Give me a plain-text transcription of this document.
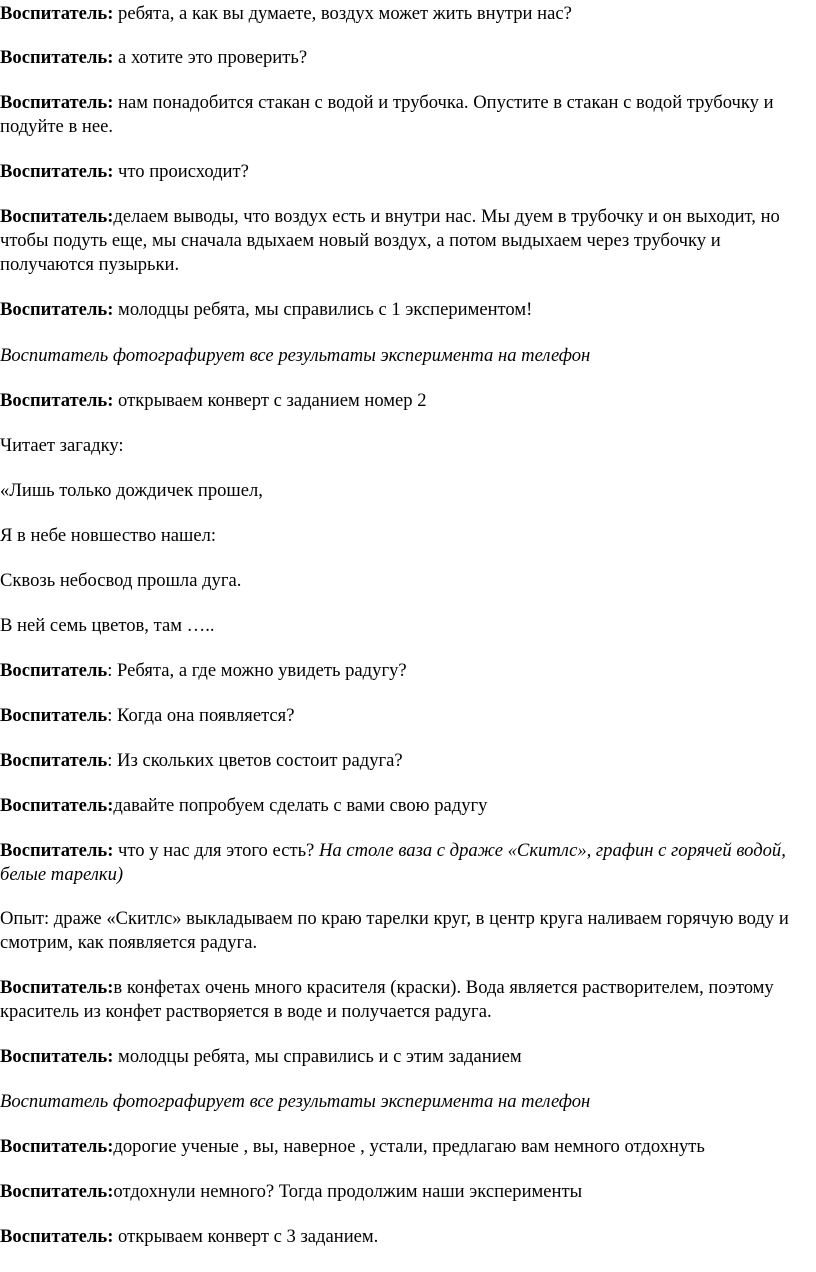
Воспитатель: ребята, а как вы думаете, воздух может жить внутри нас?

Воспитатель: а хотите это проверить?

Воспитатель: нам понадобится стакан с водой и трубочка. Опустите в стакан с водой трубочку и подуйте в нее.

Воспитатель: что происходит?

Воспитатель:делаем выводы, что воздух есть и внутри нас. Мы дуем в трубочку и он выходит, но чтобы подуть еще, мы сначала вдыхаем новый воздух, а потом выдыхаем через трубочку и получаются пузырьки.

Воспитатель: молодцы ребята, мы справились с 1 экспериментом!

Воспитатель фотографирует все результаты эксперимента на телефон

Воспитатель: открываем конверт с заданием номер 2

Читает загадку:

«Лишь только дождичек прошел,

Я в небе новшество нашел:

Сквозь небосвод прошла дуга.

В ней семь цветов, там …..

Воспитатель: Ребята, а где можно увидеть радугу?

Воспитатель: Когда она появляется?

Воспитатель: Из скольких цветов состоит радуга?

Воспитатель:давайте попробуем сделать с вами свою радугу

Воспитатель: что у нас для этого есть? На столе ваза с драже «Скитлс», графин с горячей водой, белые тарелки)

Опыт: драже «Скитлс» выкладываем по краю тарелки круг, в центр круга наливаем горячую воду и смотрим, как появляется радуга.

Воспитатель:в конфетах очень много красителя (краски). Вода является растворителем, поэтому краситель из конфет растворяется в воде и получается радуга.

Воспитатель: молодцы ребята, мы справились и с этим заданием

Воспитатель фотографирует все результаты эксперимента на телефон

Воспитатель:дорогие ученые , вы, наверное , устали, предлагаю вам немного отдохнуть

Воспитатель:отдохнули немного? Тогда продолжим наши эксперименты

Воспитатель: открываем конверт с 3 заданием.
